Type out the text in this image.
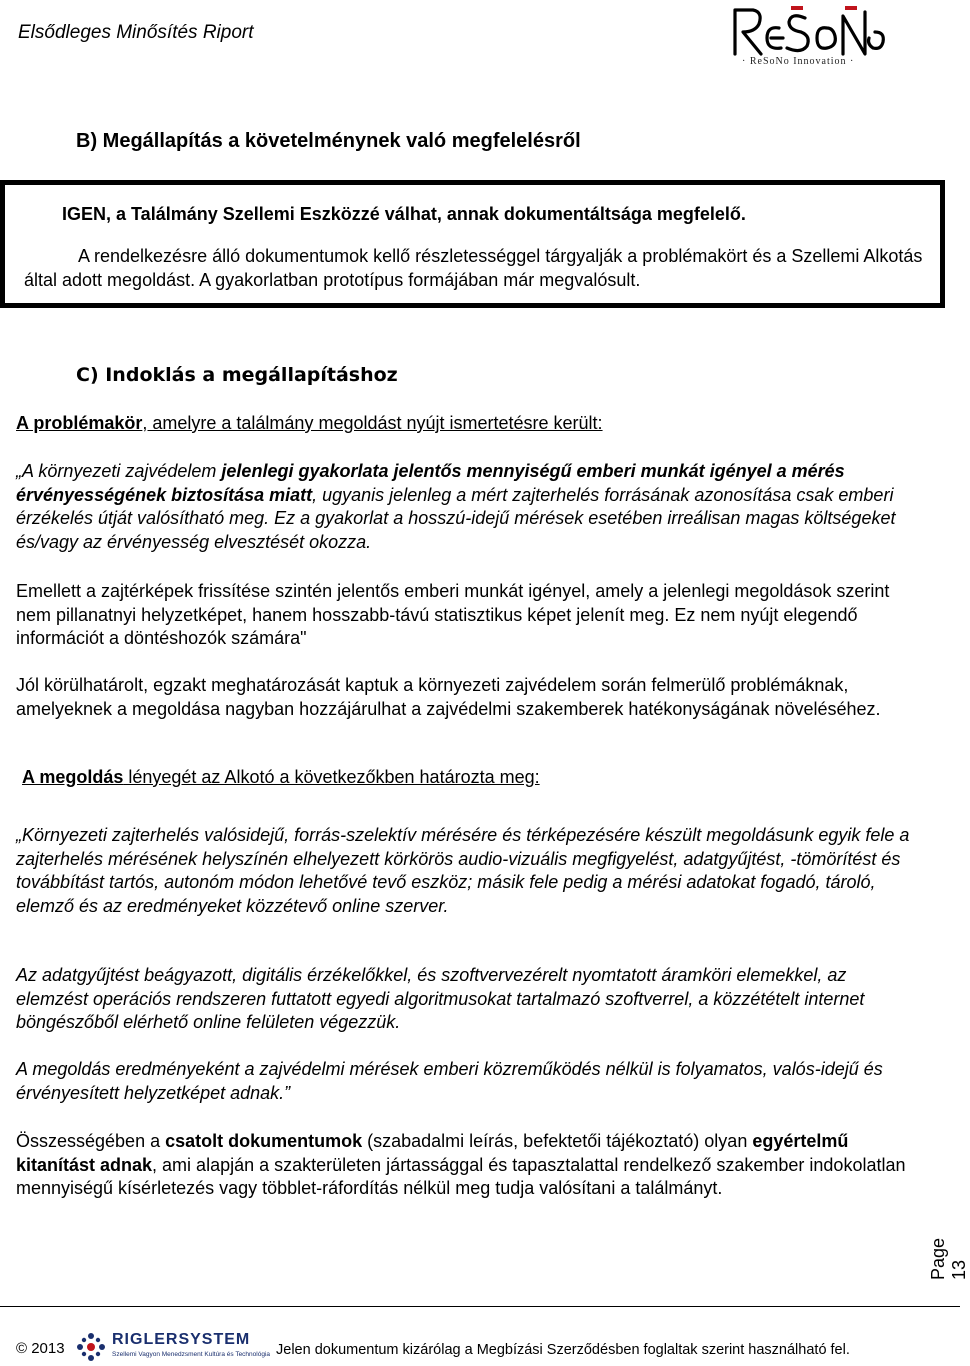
Elsődleges Minősítés Riport
· ReSoNo Innovation ·
B) Megállapítás a követelménynek való megfelelésről
IGEN, a Találmány Szellemi Eszközzé válhat, annak dokumentáltsága megfelelő.
A rendelkezésre álló dokumentumok kellő részletességgel tárgyalják a problémakört és a Szellemi Alkotás által adott megoldást. A gyakorlatban prototípus formájában már megvalósult.
C) Indoklás a megállapításhoz
A problémakör, amelyre a találmány megoldást nyújt ismertetésre került:
„A környezeti zajvédelem jelenlegi gyakorlata jelentős mennyiségű emberi munkát igényel a mérés érvényességének biztosítása miatt, ugyanis jelenleg a mért zajterhelés forrásának azonosítása csak emberi érzékelés útját valósítható meg. Ez a gyakorlat a hosszú-idejű mérések esetében irreálisan magas költségeket és/vagy az érvényesség elvesztését okozza.
Emellett a zajtérképek frissítése szintén jelentős emberi munkát igényel, amely a jelenlegi megoldások szerint nem pillanatnyi helyzetképet, hanem hosszabb-távú statisztikus képet jelenít meg. Ez nem nyújt elegendő információt a döntéshozók számára"
Jól körülhatárolt, egzakt meghatározását kaptuk a környezeti zajvédelem során felmerülő problémáknak, amelyeknek a megoldása nagyban hozzájárulhat a zajvédelmi szakemberek hatékonyságának növeléséhez.
A megoldás lényegét az Alkotó a következőkben határozta meg:
„Környezeti zajterhelés valósidejű, forrás-szelektív mérésére és térképezésére készült megoldásunk egyik fele a zajterhelés mérésének helyszínén elhelyezett körkörös audio-vizuális megfigyelést, adatgyűjtést, -tömörítést és továbbítást tartós, autonóm módon lehetővé tevő eszköz; másik fele pedig a mérési adatokat fogadó, tároló, elemző és az eredményeket közzétevő online szerver.
Az adatgyűjtést beágyazott, digitális érzékelőkkel, és szoftvervezérelt nyomtatott áramköri elemekkel, az elemzést operációs rendszeren futtatott egyedi algoritmusokat tartalmazó szoftverrel, a közzétételt internet böngészőből elérhető online felületen végezzük.
A megoldás eredményeként a zajvédelmi mérések emberi közreműködés nélkül is folyamatos, valós-idejű és érvényesített helyzetképet adnak.”
Összességében a csatolt dokumentumok (szabadalmi leírás, befektetői tájékoztató) olyan egyértelmű kitanítást adnak, ami alapján a szakterületen jártassággal és tapasztalattal rendelkező szakember indokolatlan mennyiségű kísérletezés vagy többlet-ráfordítás nélkül meg tudja valósítani a találmányt.
Page 13
© 2013
RIGLERSYSTEM
Szellemi Vagyon Menedzsment Kultúra és Technológia Jelen dokumentum kizárólag a Megbízási Szerződésben foglaltak szerint használható fel.
